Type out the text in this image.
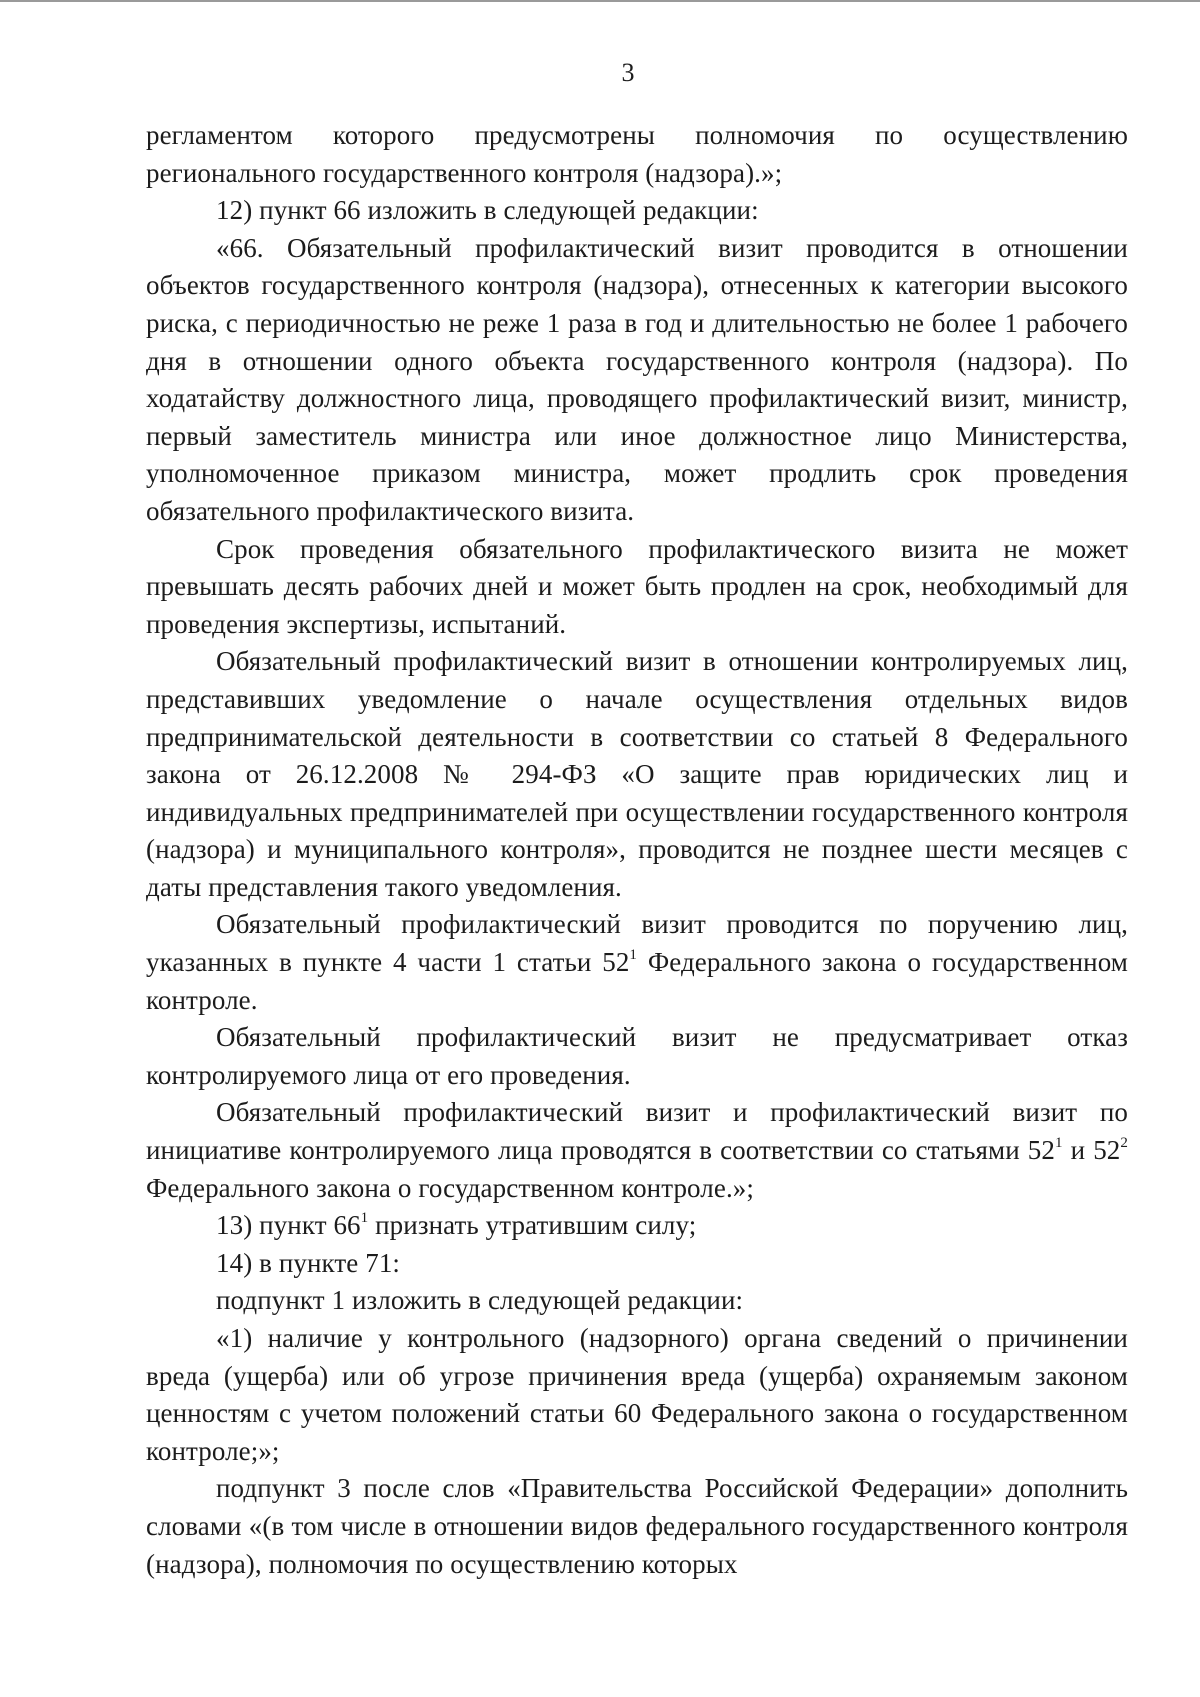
3

регламентом которого предусмотрены полномочия по осуществлению регионального государственного контроля (надзора).»;

12) пункт 66 изложить в следующей редакции:

«66. Обязательный профилактический визит проводится в отношении объектов государственного контроля (надзора), отнесенных к категории высокого риска, с периодичностью не реже 1 раза в год и длительностью не более 1 рабочего дня в отношении одного объекта государственного контроля (надзора). По ходатайству должностного лица, проводящего профилактический визит, министр, первый заместитель министра или иное должностное лицо Министерства, уполномоченное приказом министра, может продлить срок проведения обязательного профилактического визита.

Срок проведения обязательного профилактического визита не может превышать десять рабочих дней и может быть продлен на срок, необходимый для проведения экспертизы, испытаний.

Обязательный профилактический визит в отношении контролируемых лиц, представивших уведомление о начале осуществления отдельных видов предпринимательской деятельности в соответствии со статьей 8 Федерального закона от 26.12.2008 № 294-ФЗ «О защите прав юридических лиц и индивидуальных предпринимателей при осуществлении государственного контроля (надзора) и муниципального контроля», проводится не позднее шести месяцев с даты представления такого уведомления.

Обязательный профилактический визит проводится по поручению лиц, указанных в пункте 4 части 1 статьи $52^1$ Федерального закона о государственном контроле.

Обязательный профилактический визит не предусматривает отказ контролируемого лица от его проведения.

Обязательный профилактический визит и профилактический визит по инициативе контролируемого лица проводятся в соответствии со статьями $52^1$ и $52^2$ Федерального закона о государственном контроле.»;

13) пункт $66^1$ признать утратившим силу;

14) в пункте 71:

подпункт 1 изложить в следующей редакции:

«1) наличие у контрольного (надзорного) органа сведений о причинении вреда (ущерба) или об угрозе причинения вреда (ущерба) охраняемым законом ценностям с учетом положений статьи 60 Федерального закона о государственном контроле;»;

подпункт 3 после слов «Правительства Российской Федерации» дополнить словами «(в том числе в отношении видов федерального государственного контроля (надзора), полномочия по осуществлению которых
